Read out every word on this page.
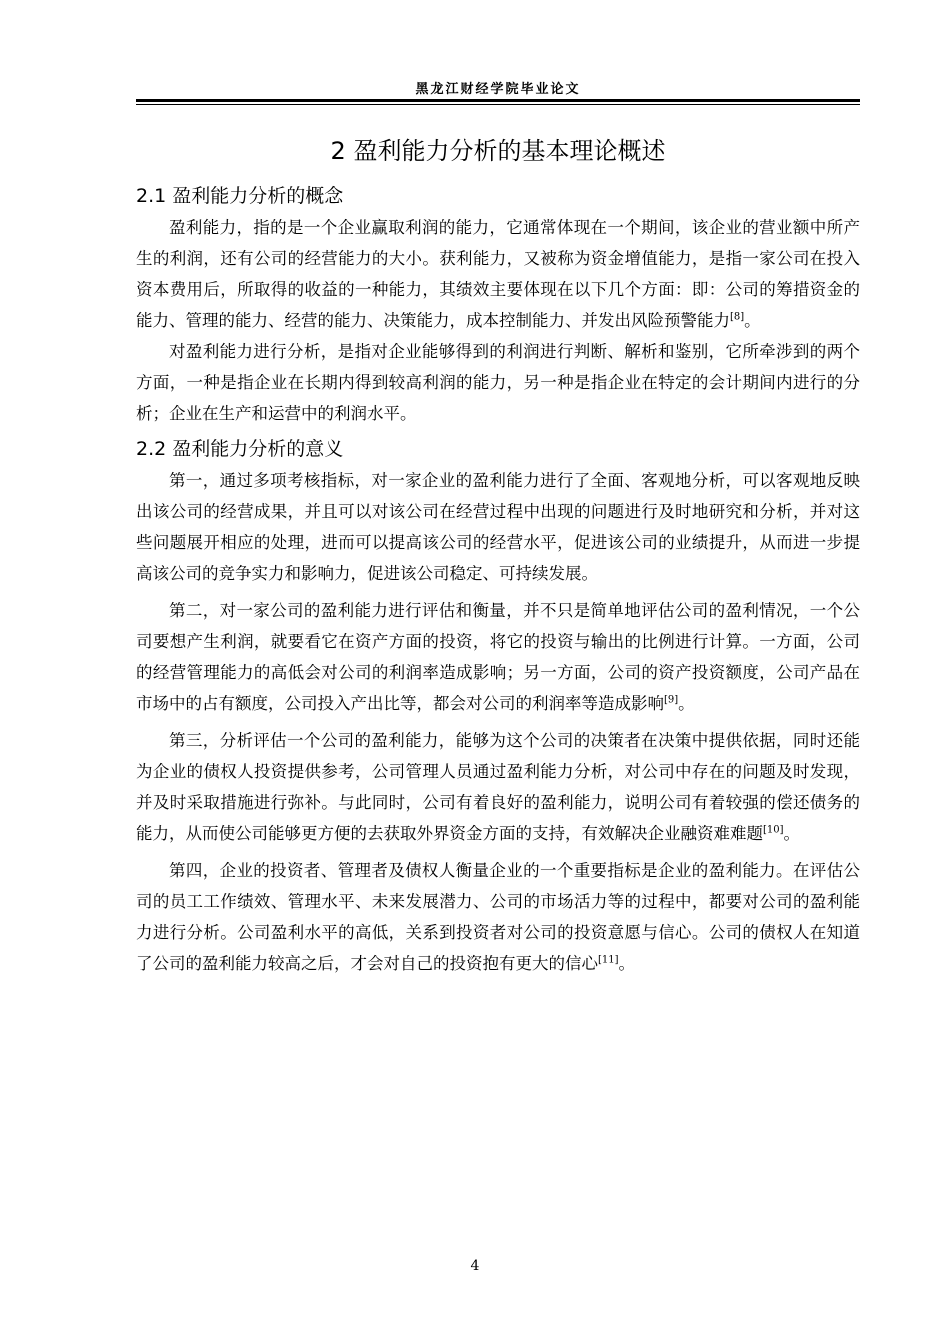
黑龙江财经学院毕业论文
2 盈利能力分析的基本理论概述
2.1 盈利能力分析的概念

盈利能力，指的是一个企业赢取利润的能力，它通常体现在一个期间，该企业的营业额中所产生的利润，还有公司的经营能力的大小。获利能力，又被称为资金增值能力，是指一家公司在投入资本费用后，所取得的收益的一种能力，其绩效主要体现在以下几个方面：即：公司的筹措资金的能力、管理的能力、经营的能力、决策能力，成本控制能力、并发出风险预警能力[8]。

对盈利能力进行分析，是指对企业能够得到的利润进行判断、解析和鉴别，它所牵涉到的两个方面，一种是指企业在长期内得到较高利润的能力，另一种是指企业在特定的会计期间内进行的分析；企业在生产和运营中的利润水平。

2.2 盈利能力分析的意义

第一，通过多项考核指标，对一家企业的盈利能力进行了全面、客观地分析，可以客观地反映出该公司的经营成果，并且可以对该公司在经营过程中出现的问题进行及时地研究和分析，并对这些问题展开相应的处理，进而可以提高该公司的经营水平，促进该公司的业绩提升，从而进一步提高该公司的竞争实力和影响力，促进该公司稳定、可持续发展。

第二，对一家公司的盈利能力进行评估和衡量，并不只是简单地评估公司的盈利情况，一个公司要想产生利润，就要看它在资产方面的投资，将它的投资与输出的比例进行计算。一方面，公司的经营管理能力的高低会对公司的利润率造成影响；另一方面，公司的资产投资额度，公司产品在市场中的占有额度，公司投入产出比等，都会对公司的利润率等造成影响[9]。

第三，分析评估一个公司的盈利能力，能够为这个公司的决策者在决策中提供依据，同时还能为企业的债权人投资提供参考，公司管理人员通过盈利能力分析，对公司中存在的问题及时发现，并及时采取措施进行弥补。与此同时，公司有着良好的盈利能力，说明公司有着较强的偿还债务的能力，从而使公司能够更方便的去获取外界资金方面的支持，有效解决企业融资难难题[10]。

第四，企业的投资者、管理者及债权人衡量企业的一个重要指标是企业的盈利能力。在评估公司的员工工作绩效、管理水平、未来发展潜力、公司的市场活力等的过程中，都要对公司的盈利能力进行分析。公司盈利水平的高低，关系到投资者对公司的投资意愿与信心。公司的债权人在知道了公司的盈利能力较高之后，才会对自己的投资抱有更大的信心[11]。

4
